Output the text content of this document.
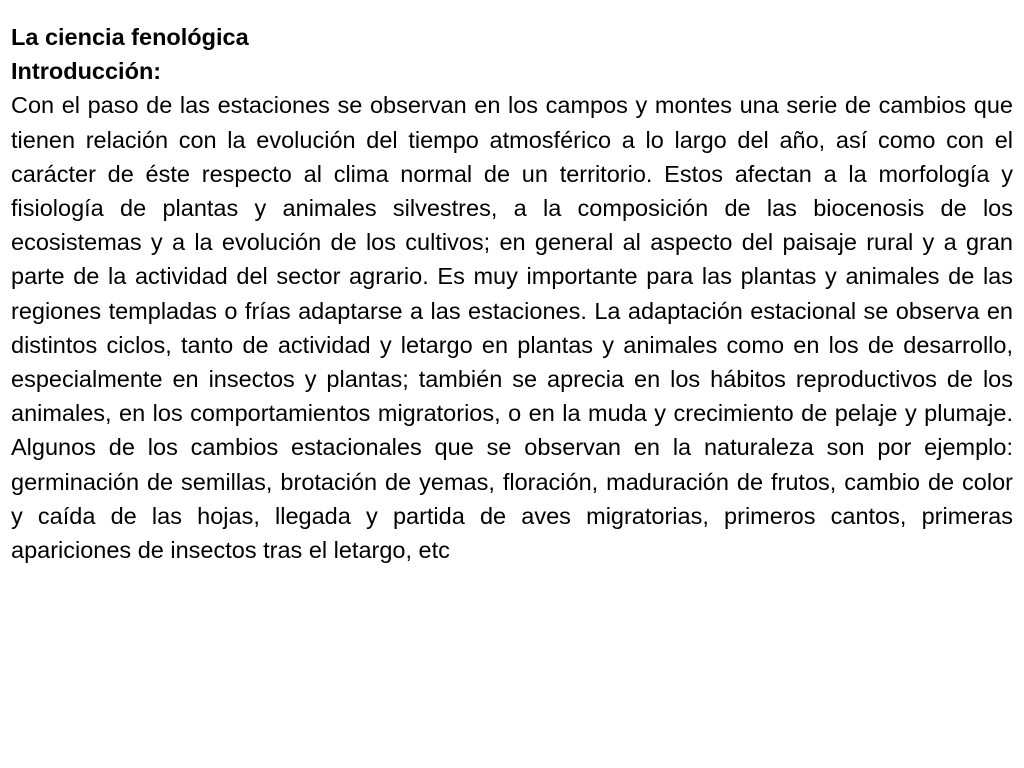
La ciencia fenológica

Introducción:

Con el paso de las estaciones se observan en los campos y montes una serie de cambios que tienen relación con la evolución del tiempo atmosférico a lo largo del año, así como con el carácter de éste respecto al clima normal de un territorio. Estos afectan a la morfología y fisiología de plantas y animales silvestres, a la composición de las biocenosis de los ecosistemas y a la evolución de los cultivos; en general al aspecto del paisaje rural y a gran parte de la actividad del sector agrario. Es muy importante para las plantas y animales de las regiones templadas o frías adaptarse a las estaciones. La adaptación estacional se observa en distintos ciclos, tanto de actividad y letargo en plantas y animales como en los de desarrollo, especialmente en insectos y plantas; también se aprecia en los hábitos reproductivos de los animales, en los comportamientos migratorios, o en la muda y crecimiento de pelaje y plumaje. Algunos de los cambios estacionales que se observan en la naturaleza son por ejemplo: germinación de semillas, brotación de yemas, floración, maduración de frutos, cambio de color y caída de las hojas, llegada y partida de aves migratorias, primeros cantos, primeras apariciones de insectos tras el letargo, etc
